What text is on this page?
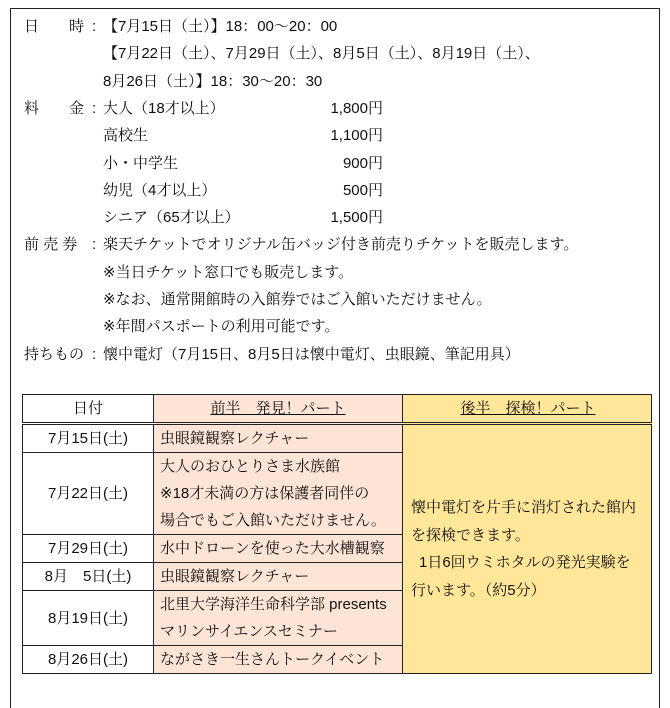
日　　時 : 【7月15日（土）】18：00～20：00
【7月22日（土）、7月29日（土）、8月5日（土）、8月19日（土）、
8月26日（土）】18：30～20：30
料　　金 : 大人（18才以上）	1,800円
高校生	1,100円
小・中学生	900円
幼児（4才以上）	500円
シニア（65才以上）	1,500円
前 売 券 : 楽天チケットでオリジナル缶バッジ付き前売りチケットを販売します。
※当日チケット窓口でも販売します。
※なお、通常開館時の入館券ではご入館いただけません。
※年間パスポートの利用可能です。
持ちもの : 懐中電灯（7月15日、8月5日は懐中電灯、虫眼鏡、筆記用具）
日付	前半　発見！パート	後半　探検！パート
7月15日(土)	虫眼鏡観察レクチャー	懐中電灯を片手に消灯された館内
を探検できます。
1日6回ウミホタルの発光実験を
行います。（約5分）

7月22日(土)	大人のおひとりさま水族館
※18才未満の方は保護者同伴の
場合でもご入館いただけません。	

7月29日(土)	水中ドローンを使った大水槽観察	

8月　5日(土)	虫眼鏡観察レクチャー	

8月19日(土)	北里大学海洋生命科学部 presents
マリンサイエンスセミナー	

8月26日(土)	ながさき一生さんトークイベント	
